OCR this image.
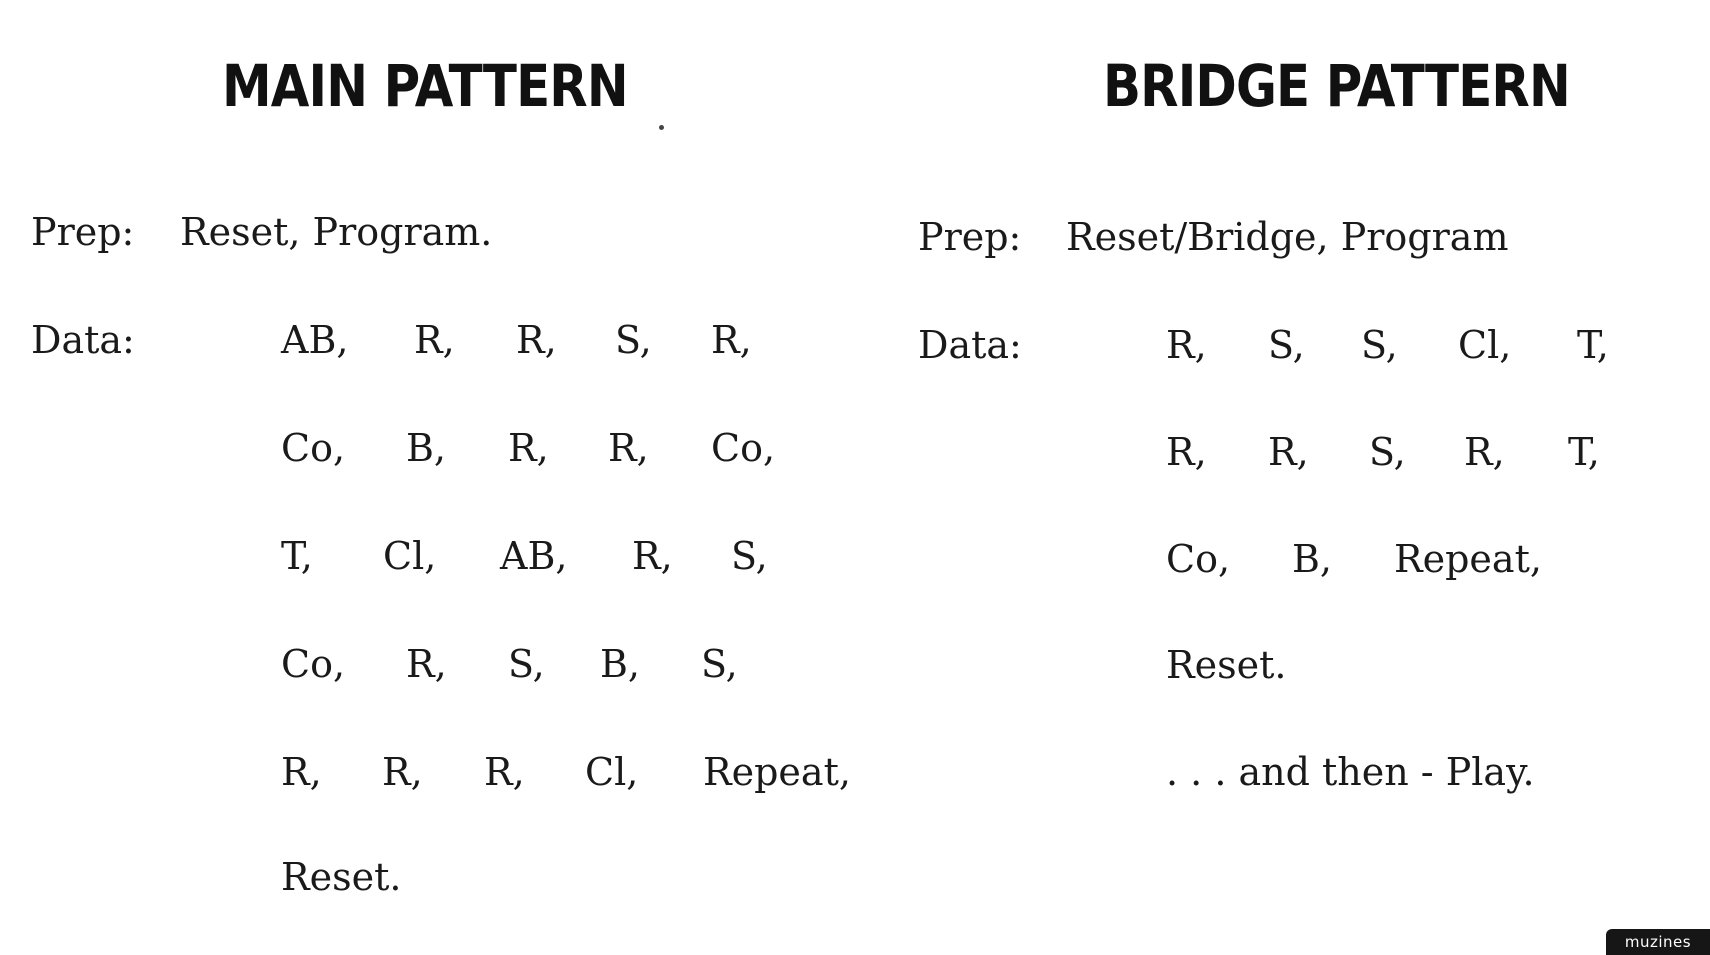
MAIN PATTERN	BRIDGE PATTERN
Prep: Reset, Program.
Data:	AB, R, R, S, R,
Co, B, R, R, Co,
T, Cl, AB, R, S,
Co, R, S, B, S,
R, R, R, Cl, Repeat,
Reset.
Prep: Reset/Bridge, Program
Data:	R, S, S, Cl, T,
R, R, S, R, T,
Co, B, Repeat,
Reset.
. . . and then - Play.
muzines
